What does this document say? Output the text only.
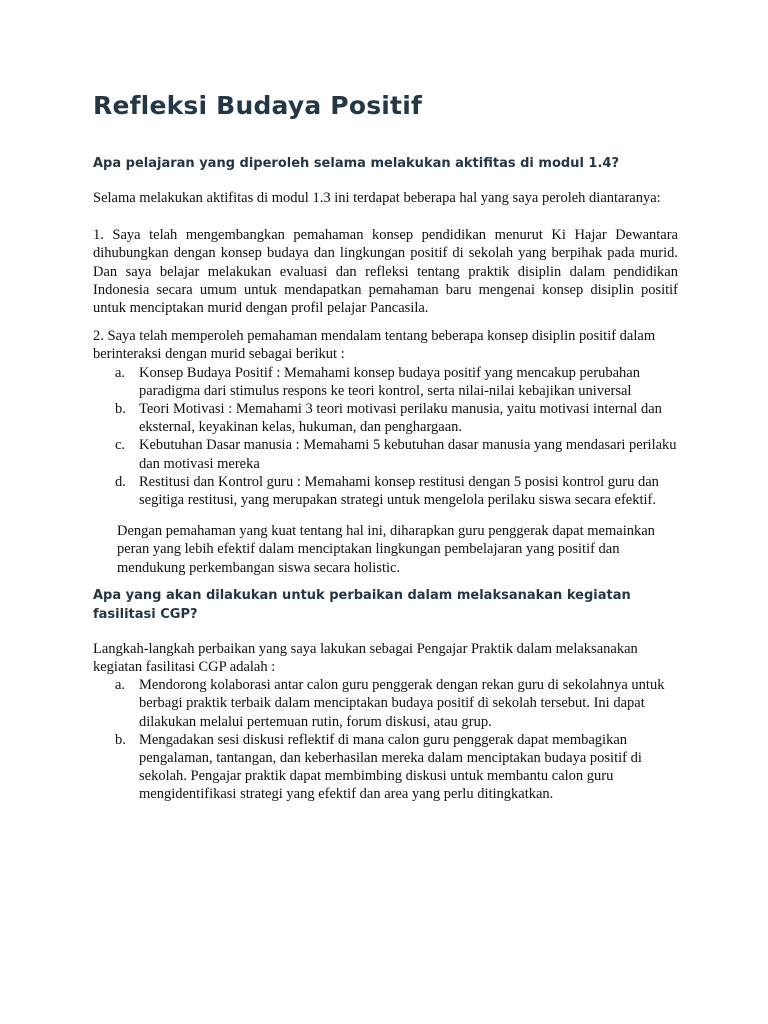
Refleksi Budaya Positif
Apa pelajaran yang diperoleh selama melakukan aktifitas di modul 1.4?

Selama melakukan aktifitas di modul 1.3 ini terdapat beberapa hal yang saya peroleh diantaranya:

1. Saya telah mengembangkan pemahaman konsep pendidikan menurut Ki Hajar Dewantara dihubungkan dengan konsep budaya dan lingkungan positif di sekolah yang berpihak pada murid. Dan saya belajar melakukan evaluasi dan refleksi tentang praktik disiplin dalam pendidikan Indonesia secara umum untuk mendapatkan pemahaman baru mengenai konsep disiplin positif untuk menciptakan murid dengan profil pelajar Pancasila.

2. Saya telah memperoleh pemahaman mendalam tentang beberapa konsep disiplin positif dalam berinteraksi dengan murid sebagai berikut :

a. Konsep Budaya Positif : Memahami konsep budaya positif yang mencakup perubahan paradigma dari stimulus respons ke teori kontrol, serta nilai-nilai kebajikan universal
b. Teori Motivasi : Memahami 3 teori motivasi perilaku manusia, yaitu motivasi internal dan eksternal, keyakinan kelas, hukuman, dan penghargaan.
c. Kebutuhan Dasar manusia : Memahami 5 kebutuhan dasar manusia yang mendasari perilaku dan motivasi mereka
d. Restitusi dan Kontrol guru : Memahami konsep restitusi dengan 5 posisi kontrol guru dan segitiga restitusi, yang merupakan strategi untuk mengelola perilaku siswa secara efektif.

Dengan pemahaman yang kuat tentang hal ini, diharapkan guru penggerak dapat memainkan peran yang lebih efektif dalam menciptakan lingkungan pembelajaran yang positif dan mendukung perkembangan siswa secara holistic.

Apa yang akan dilakukan untuk perbaikan dalam melaksanakan kegiatan fasilitasi CGP?

Langkah-langkah perbaikan yang saya lakukan sebagai Pengajar Praktik dalam melaksanakan kegiatan fasilitasi CGP adalah :

a. Mendorong kolaborasi antar calon guru penggerak dengan rekan guru di sekolahnya untuk berbagi praktik terbaik dalam menciptakan budaya positif di sekolah tersebut. Ini dapat dilakukan melalui pertemuan rutin, forum diskusi, atau grup.
b. Mengadakan sesi diskusi reflektif di mana calon guru penggerak dapat membagikan pengalaman, tantangan, dan keberhasilan mereka dalam menciptakan budaya positif di sekolah. Pengajar praktik dapat membimbing diskusi untuk membantu calon guru mengidentifikasi strategi yang efektif dan area yang perlu ditingkatkan.
